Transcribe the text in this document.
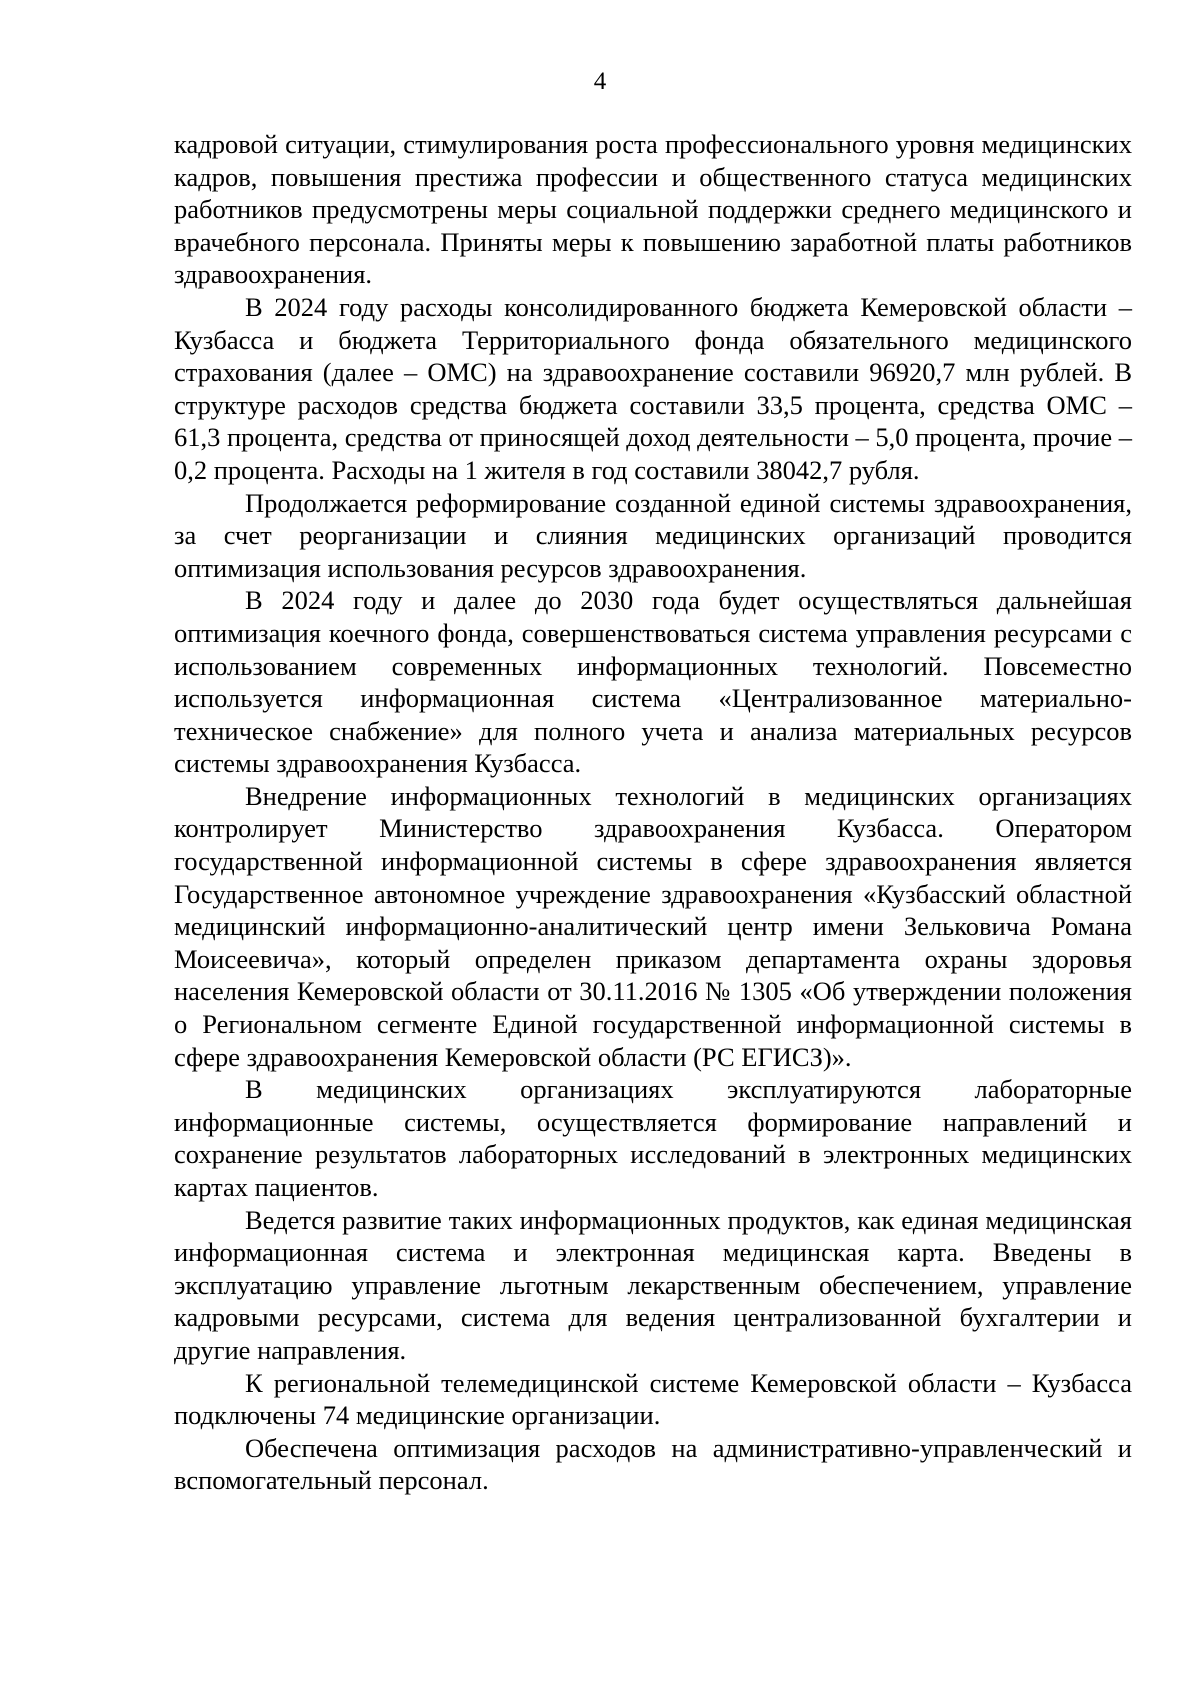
4

кадровой ситуации, стимулирования роста профессионального уровня медицинских кадров, повышения престижа профессии и общественного статуса медицинских работников предусмотрены меры социальной поддержки среднего медицинского и врачебного персонала. Приняты меры к повышению заработной платы работников здравоохранения.

В 2024 году расходы консолидированного бюджета Кемеровской области – Кузбасса и бюджета Территориального фонда обязательного медицинского страхования (далее – ОМС) на здравоохранение составили 96920,7 млн рублей. В структуре расходов средства бюджета составили 33,5 процента, средства ОМС – 61,3 процента, средства от приносящей доход деятельности – 5,0 процента, прочие – 0,2 процента. Расходы на 1 жителя в год составили 38042,7 рубля.

Продолжается реформирование созданной единой системы здравоохранения, за счет реорганизации и слияния медицинских организаций проводится оптимизация использования ресурсов здравоохранения.

В 2024 году и далее до 2030 года будет осуществляться дальнейшая оптимизация коечного фонда, совершенствоваться система управления ресурсами с использованием современных информационных технологий. Повсеместно используется информационная система «Централизованное материально-техническое снабжение» для полного учета и анализа материальных ресурсов системы здравоохранения Кузбасса.

Внедрение информационных технологий в медицинских организациях контролирует Министерство здравоохранения Кузбасса. Оператором государственной информационной системы в сфере здравоохранения является Государственное автономное учреждение здравоохранения «Кузбасский областной медицинский информационно-аналитический центр имени Зельковича Романа Моисеевича», который определен приказом департамента охраны здоровья населения Кемеровской области от 30.11.2016 № 1305 «Об утверждении положения о Региональном сегменте Единой государственной информационной системы в сфере здравоохранения Кемеровской области (РС ЕГИСЗ)».

В медицинских организациях эксплуатируются лабораторные информационные системы, осуществляется формирование направлений и сохранение результатов лабораторных исследований в электронных медицинских картах пациентов.

Ведется развитие таких информационных продуктов, как единая медицинская информационная система и электронная медицинская карта. Введены в эксплуатацию управление льготным лекарственным обеспечением, управление кадровыми ресурсами, система для ведения централизованной бухгалтерии и другие направления.

К региональной телемедицинской системе Кемеровской области – Кузбасса подключены 74 медицинские организации.

Обеспечена оптимизация расходов на административно-управленческий и вспомогательный персонал.
